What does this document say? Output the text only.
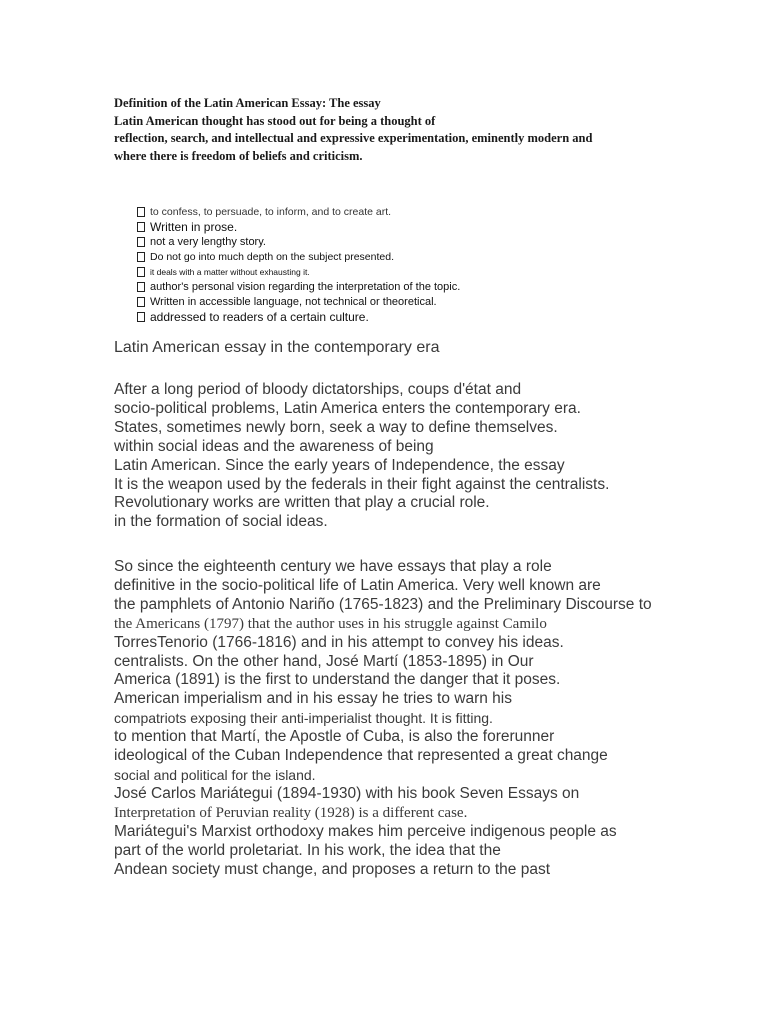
Definition of the Latin American Essay: The essay
Latin American thought has stood out for being a thought of
reflection, search, and intellectual and expressive experimentation, eminently modern and
where there is freedom of beliefs and criticism.
to confess, to persuade, to inform, and to create art.
Written in prose.
not a very lengthy story.
Do not go into much depth on the subject presented.
it deals with a matter without exhausting it.
author's personal vision regarding the interpretation of the topic.
Written in accessible language, not technical or theoretical.
addressed to readers of a certain culture.
Latin American essay in the contemporary era
After a long period of bloody dictatorships, coups d'état and
socio-political problems, Latin America enters the contemporary era.
States, sometimes newly born, seek a way to define themselves.
within social ideas and the awareness of being
Latin American. Since the early years of Independence, the essay
It is the weapon used by the federals in their fight against the centralists.
Revolutionary works are written that play a crucial role.
in the formation of social ideas.
So since the eighteenth century we have essays that play a role
definitive in the socio-political life of Latin America. Very well known are
the pamphlets of Antonio Nariño (1765-1823) and the Preliminary Discourse to
the Americans (1797) that the author uses in his struggle against Camilo
TorresTenorio (1766-1816) and in his attempt to convey his ideas.
centralists. On the other hand, José Martí (1853-1895) in Our
America (1891) is the first to understand the danger that it poses.
American imperialism and in his essay he tries to warn his
compatriots exposing their anti-imperialist thought. It is fitting.
to mention that Martí, the Apostle of Cuba, is also the forerunner
ideological of the Cuban Independence that represented a great change
social and political for the island.
José Carlos Mariátegui (1894-1930) with his book Seven Essays on
Interpretation of Peruvian reality (1928) is a different case.
Mariátegui's Marxist orthodoxy makes him perceive indigenous people as
part of the world proletariat. In his work, the idea that the
Andean society must change, and proposes a return to the past
